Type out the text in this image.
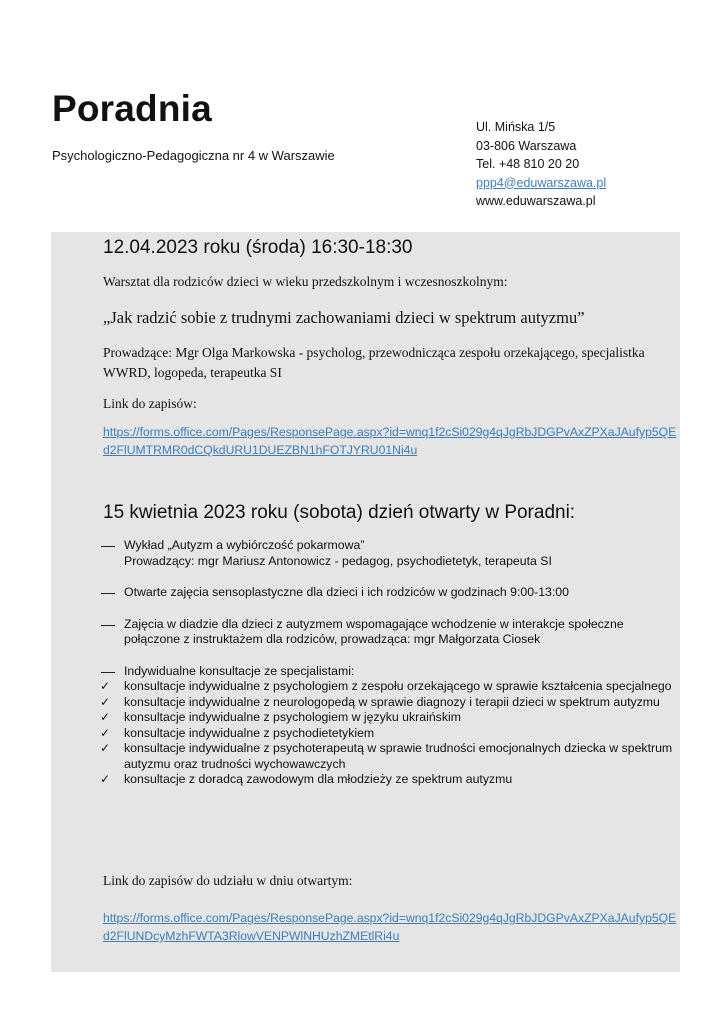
Poradnia
Psychologiczno-Pedagogiczna nr 4 w Warszawie
Ul. Mińska 1/5
03-806 Warszawa
Tel. +48 810 20 20
ppp4@eduwarszawa.pl
www.eduwarszawa.pl
12.04.2023 roku (środa) 16:30-18:30
Warsztat dla rodziców dzieci w wieku przedszkolnym i wczesnoszkolnym:
„Jak radzić sobie z trudnymi zachowaniami dzieci w spektrum autyzmu”
Prowadzące: Mgr Olga Markowska - psycholog, przewodnicząca zespołu orzekającego, specjalistka WWRD, logopeda, terapeutka SI
Link do zapisów:
https://forms.office.com/Pages/ResponsePage.aspx?id=wnq1f2cSi029g4qJgRbJDGPvAxZPXaJAufyp5QEd2FlUMTRMR0dCQkdURU1DUEZBN1hFOTJYRU01Ni4u
15 kwietnia 2023 roku (sobota) dzień otwarty w Poradni:
Wykład „Autyzm a wybiórczość pokarmowa”
Prowadzący: mgr Mariusz Antonowicz - pedagog, psychodietetyk, terapeuta SI
Otwarte zajęcia sensoplastyczne dla dzieci i ich rodziców w godzinach 9:00-13:00
Zajęcia w diadzie dla dzieci z autyzmem wspomagające wchodzenie w interakcje społeczne połączone z instruktażem dla rodziców, prowadząca: mgr Małgorzata Ciosek
Indywidualne konsultacje ze specjalistami:
✓ konsultacje indywidualne z psychologiem z zespołu orzekającego w sprawie kształcenia specjalnego
✓ konsultacje indywidualne z neurologopedą w sprawie diagnozy i terapii dzieci w spektrum autyzmu
✓ konsultacje indywidualne z psychologiem w języku ukraińskim
✓ konsultacje indywidualne z psychodietetykiem
✓ konsultacje indywidualne z psychoterapeutą w sprawie trudności emocjonalnych dziecka w spektrum autyzmu oraz trudności wychowawczych
✓ konsultacje z doradcą zawodowym dla młodzieży ze spektrum autyzmu
Link do zapisów do udziału w dniu otwartym:
https://forms.office.com/Pages/ResponsePage.aspx?id=wnq1f2cSi029g4qJgRbJDGPvAxZPXaJAufyp5QEd2FlUNDcyMzhFWTA3RlowVENPWlNHUzhZMEtlRi4u
